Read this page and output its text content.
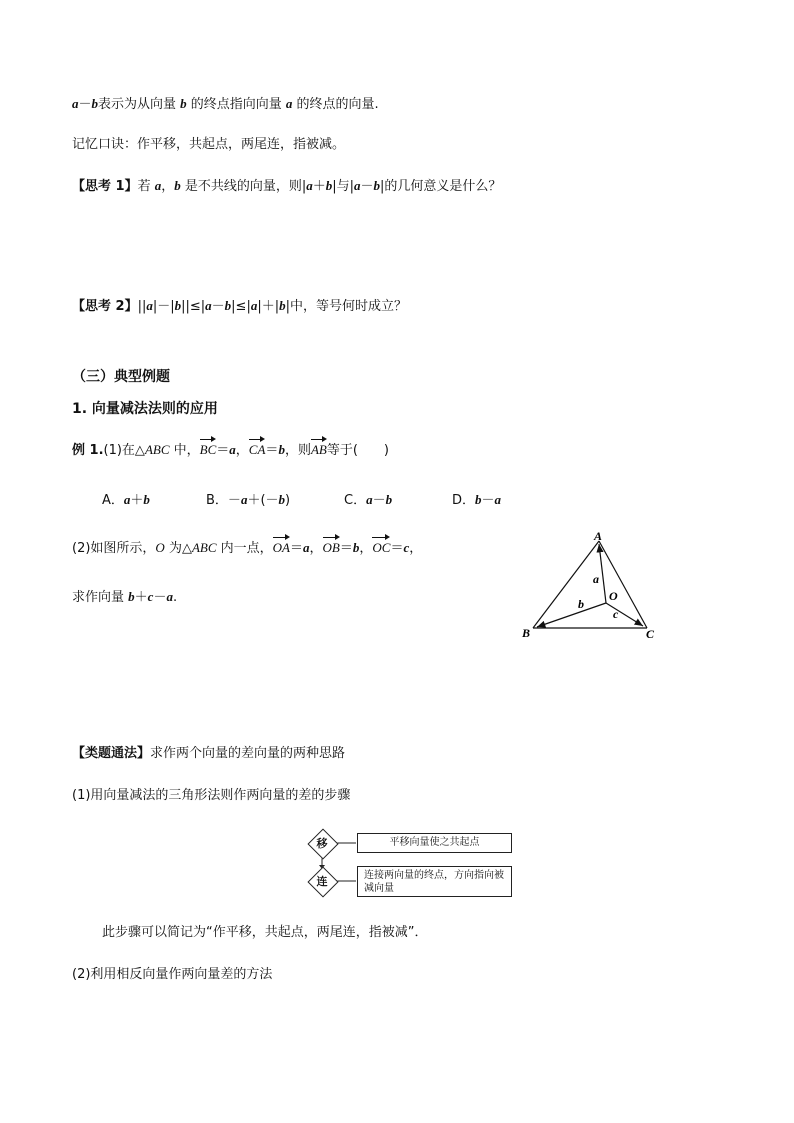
a－b表示为从向量 b 的终点指向向量 a 的终点的向量.
记忆口诀：作平移，共起点，两尾连，指被减。
【思考 1】若 a，b 是不共线的向量，则|a＋b|与|a－b|的几何意义是什么？
【思考 2】||a|－|b||≤|a－b|≤|a|＋|b|中，等号何时成立？
（三）典型例题
1. 向量减法法则的应用
例 1.(1)在△ABC 中，BC＝a，CA＝b，则AB等于(　　)
A．a＋b	B．－a＋(－b)	C．a－b	D．b－a
(2)如图所示，O 为△ABC 内一点，OA＝a，OB＝b，OC＝c，
求作向量 b＋c－a.
A
B	C
O
a
b
c
【类题通法】求作两个向量的差向量的两种思路
(1)用向量减法的三角形法则作两向量的差的步骤
移	平移向量使之共起点
连	连接两向量的终点，方向指向被减向量
此步骤可以简记为“作平移，共起点，两尾连，指被减”．
(2)利用相反向量作两向量差的方法
